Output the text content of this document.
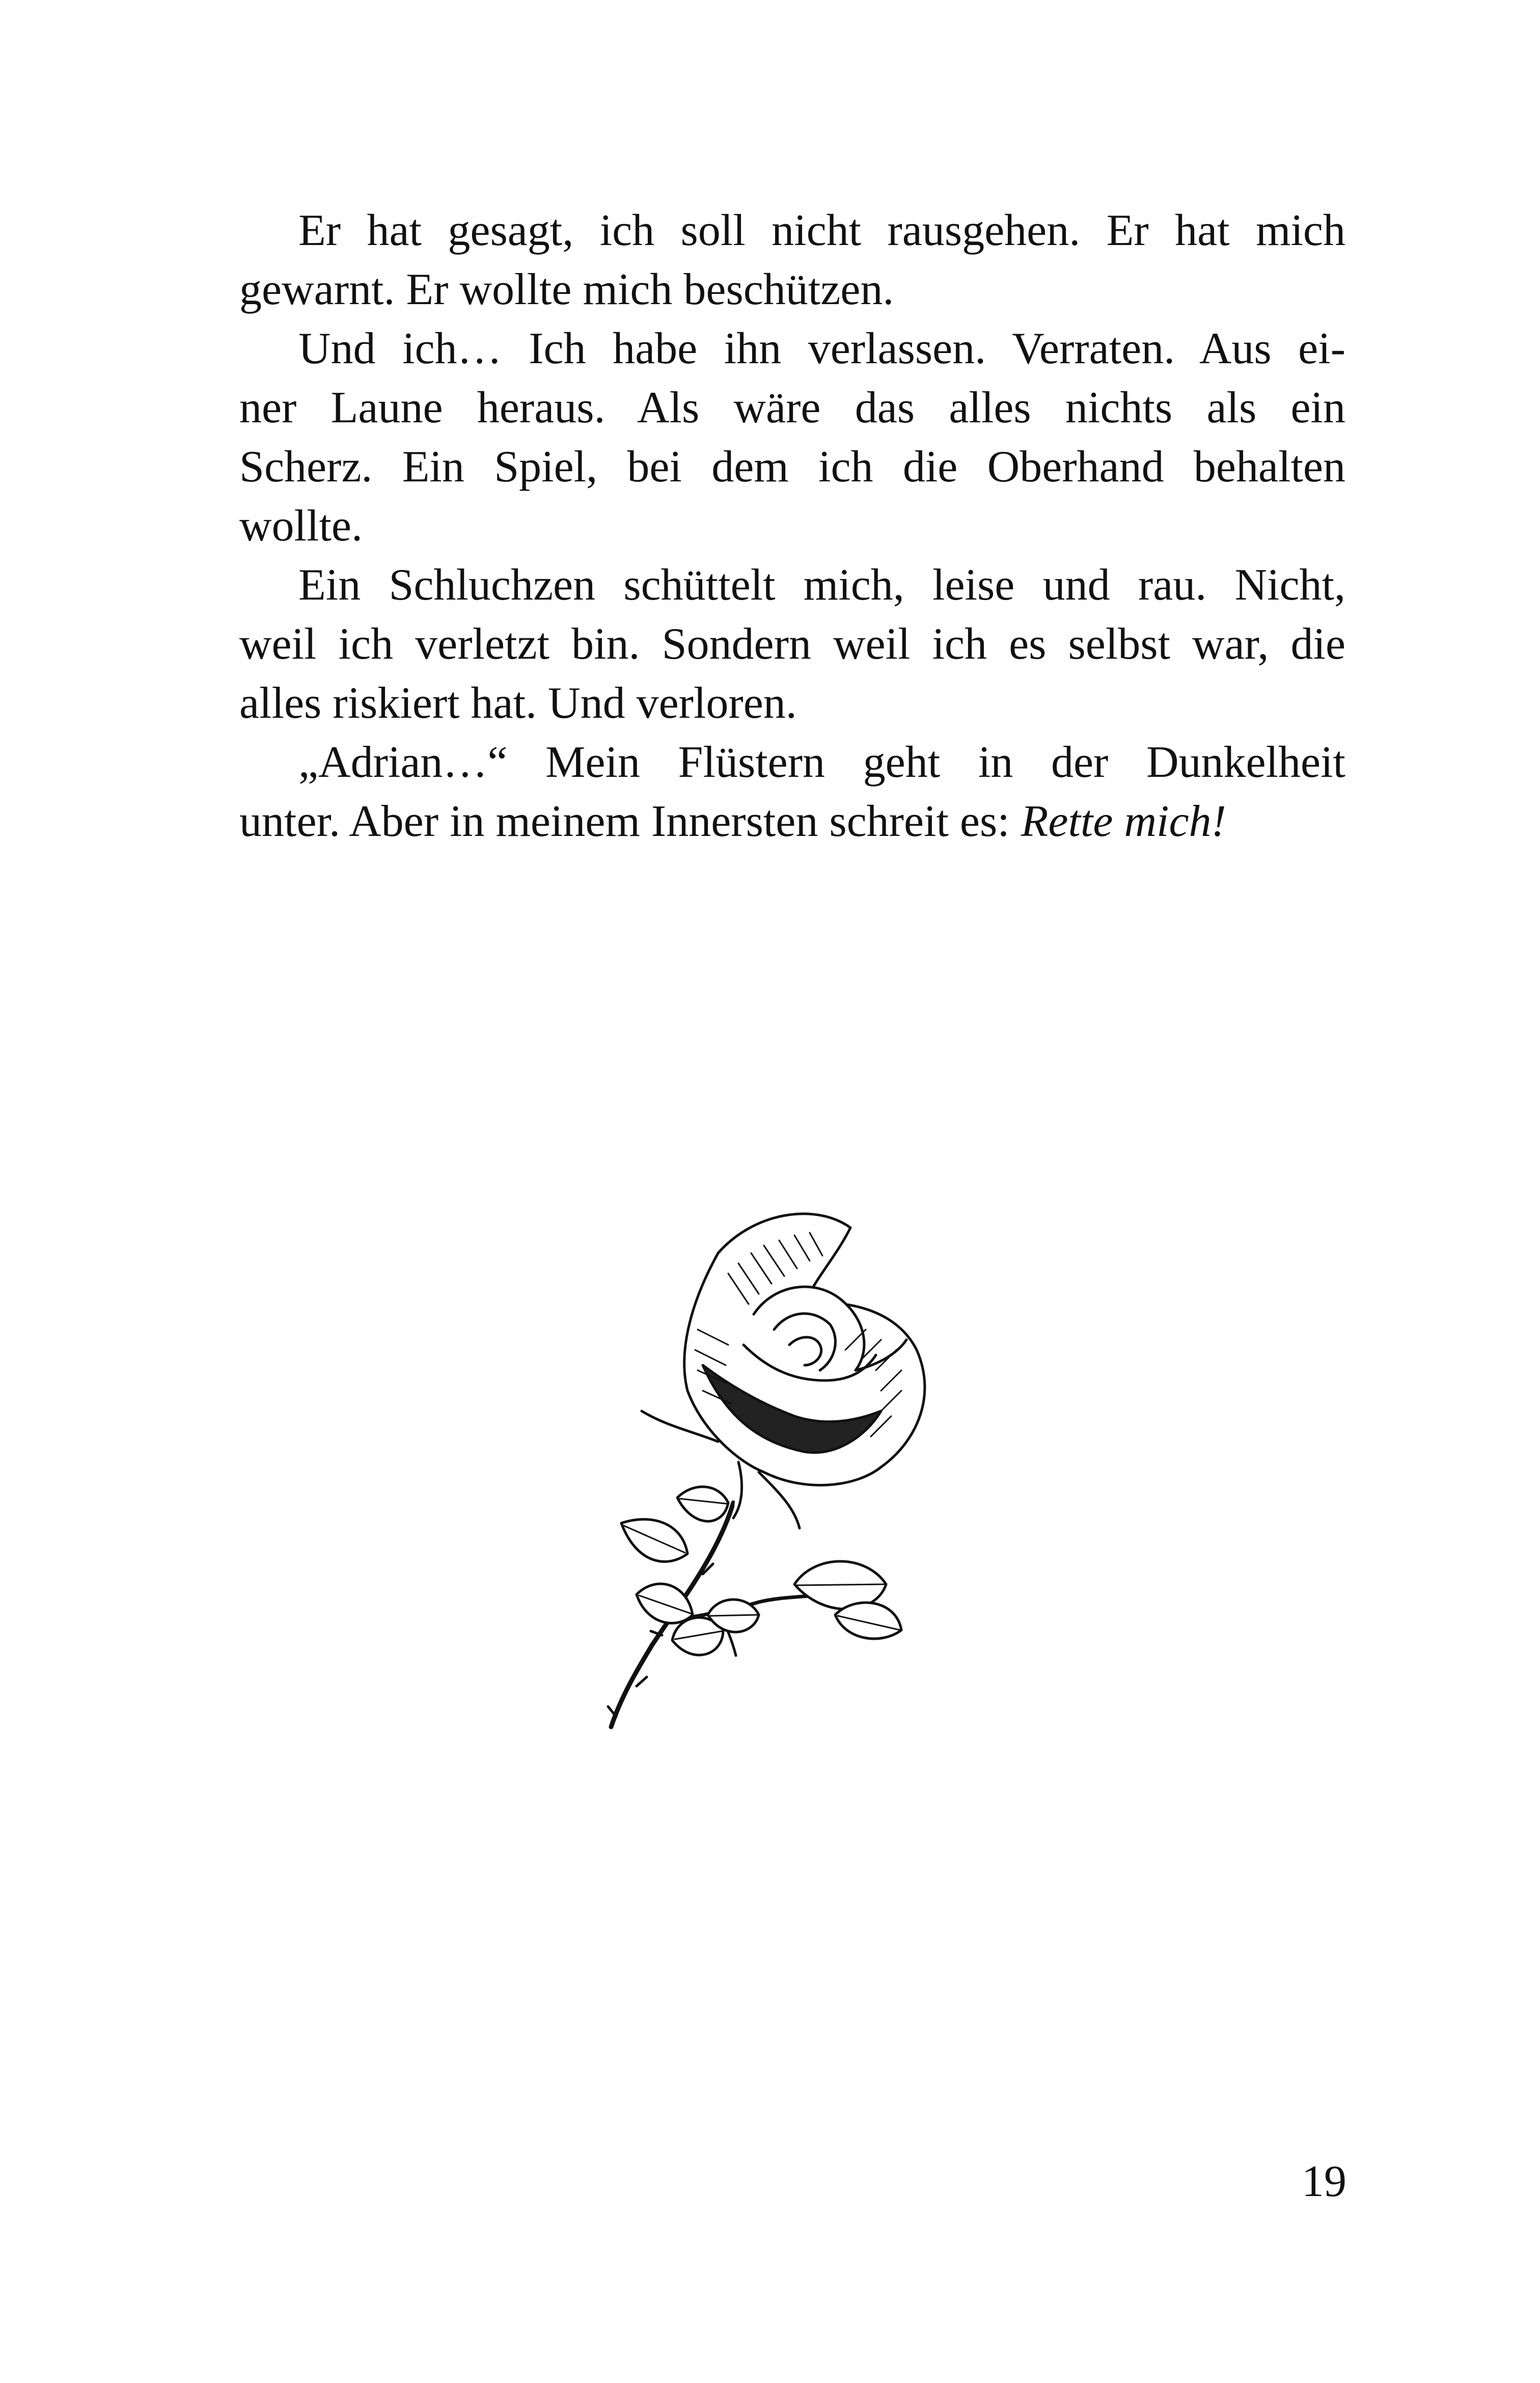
Er hat gesagt, ich soll nicht rausgehen. Er hat mich
gewarnt. Er wollte mich beschützen.
Und ich… Ich habe ihn verlassen. Verraten. Aus ei-
ner Laune heraus. Als wäre das alles nichts als ein
Scherz. Ein Spiel, bei dem ich die Oberhand behalten
wollte.
Ein Schluchzen schüttelt mich, leise und rau. Nicht,
weil ich verletzt bin. Sondern weil ich es selbst war, die
alles riskiert hat. Und verloren.
„Adrian…“ Mein Flüstern geht in der Dunkelheit
unter. Aber in meinem Innersten schreit es: Rette mich!
19
